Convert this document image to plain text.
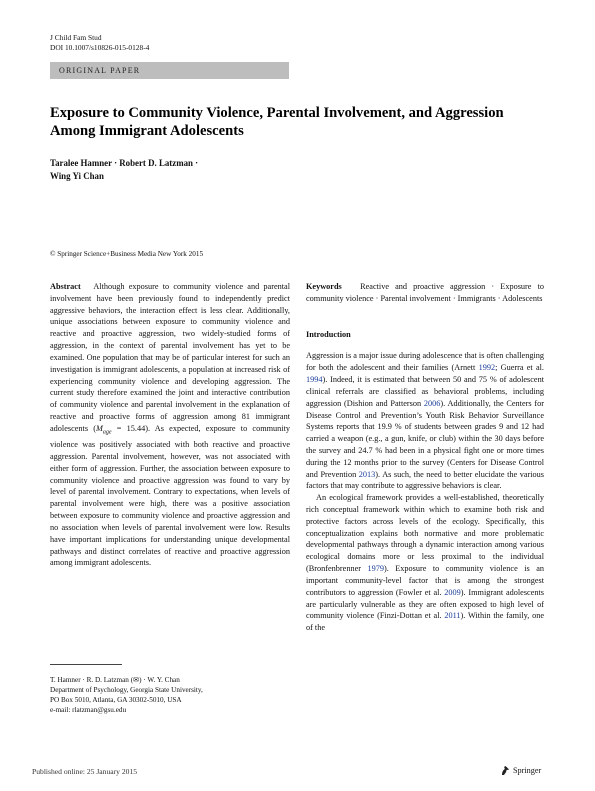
J Child Fam Stud
DOI 10.1007/s10826-015-0128-4
ORIGINAL PAPER
Exposure to Community Violence, Parental Involvement, and Aggression Among Immigrant Adolescents
Taralee Hamner · Robert D. Latzman ·
Wing Yi Chan
© Springer Science+Business Media New York 2015

Abstract Although exposure to community violence and parental involvement have been previously found to independently predict aggressive behaviors, the interaction effect is less clear. Additionally, unique associations between exposure to community violence and reactive and proactive aggression, two widely-studied forms of aggression, in the context of parental involvement has yet to be examined. One population that may be of particular interest for such an investigation is immigrant adolescents, a population at increased risk of experiencing community violence and developing aggression. The current study therefore examined the joint and interactive contribution of community violence and parental involvement in the explanation of reactive and proactive forms of aggression among 81 immigrant adolescents $(M_{age} = 15.44)$. As expected, exposure to community violence was positively associated with both reactive and proactive aggression. Parental involvement, however, was not associated with either form of aggression. Further, the association between exposure to community violence and proactive aggression was found to vary by level of parental involvement. Contrary to expectations, when levels of parental involvement were high, there was a positive association between exposure to community violence and proactive aggression and no association when levels of parental involvement were low. Results have important implications for understanding unique developmental pathways and distinct correlates of reactive and proactive aggression among immigrant adolescents.

Keywords Reactive and proactive aggression · Exposure to community violence · Parental involvement · Immigrants · Adolescents

Introduction

Aggression is a major issue during adolescence that is often challenging for both the adolescent and their families (Arnett 1992; Guerra et al. 1994). Indeed, it is estimated that between 50 and 75 % of adolescent clinical referrals are classified as behavioral problems, including aggression (Dishion and Patterson 2006). Additionally, the Centers for Disease Control and Prevention’s Youth Risk Behavior Surveillance Systems reports that 19.9 % of students between grades 9 and 12 had carried a weapon (e.g., a gun, knife, or club) within the 30 days before the survey and 24.7 % had been in a physical fight one or more times during the 12 months prior to the survey (Centers for Disease Control and Prevention 2013). As such, the need to better elucidate the various factors that may contribute to aggressive behaviors is clear.

An ecological framework provides a well-established, theoretically rich conceptual framework within which to examine both risk and protective factors across levels of the ecology. Specifically, this conceptualization explains both normative and more problematic developmental pathways through a dynamic interaction among various ecological domains more or less proximal to the individual (Bronfenbrenner 1979). Exposure to community violence is an important community-level factor that is among the strongest contributors to aggression (Fowler et al. 2009). Immigrant adolescents are particularly vulnerable as they are often exposed to high level of community violence (Finzi-Dottan et al. 2011). Within the family, one of the

T. Hamner · R. D. Latzman (✉) · W. Y. Chan
Department of Psychology, Georgia State University,
PO Box 5010, Atlanta, GA 30302-5010, USA
e-mail: rlatzman@gsu.edu
Published online: 25 January 2015	Springer
